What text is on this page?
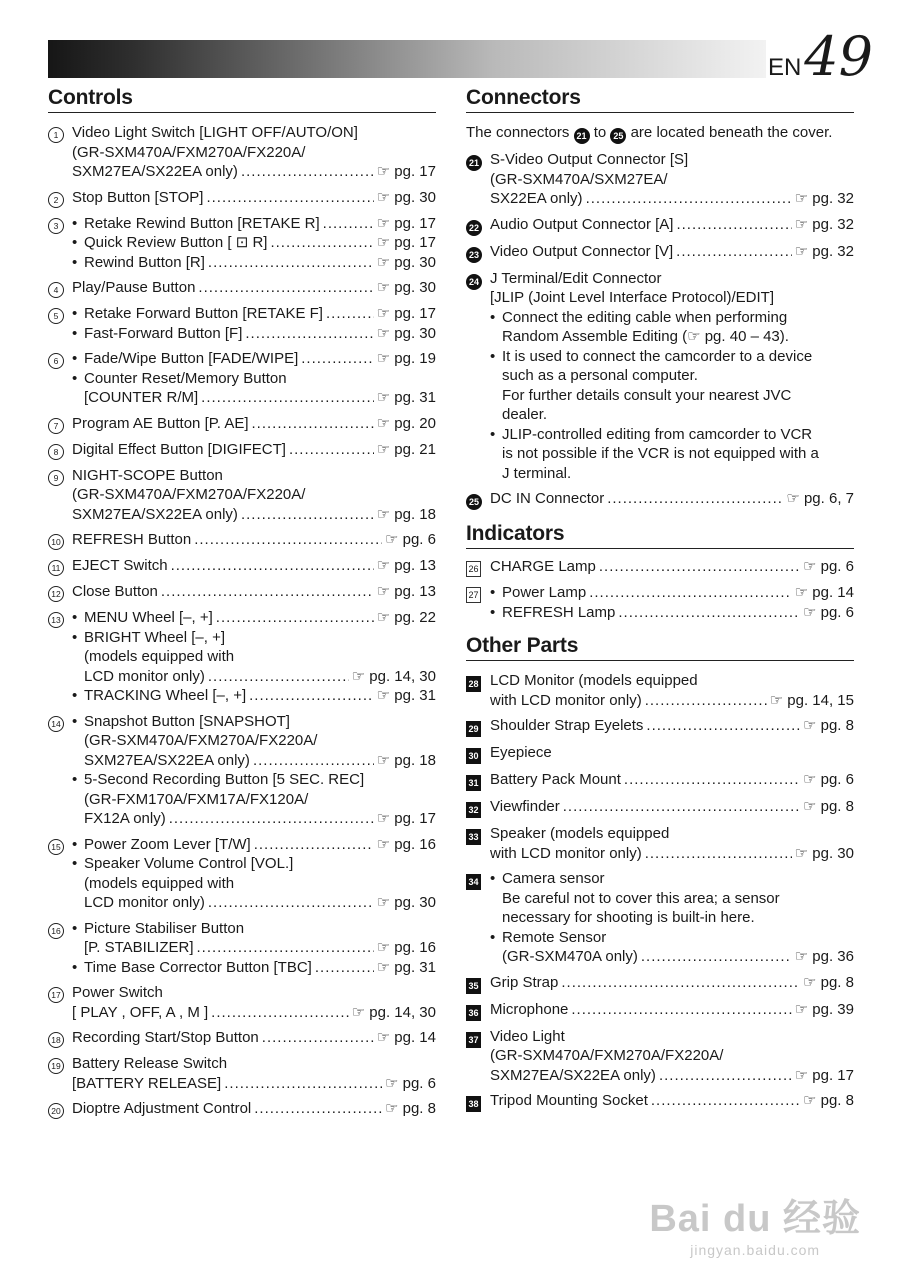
EN 49
Controls
1 Video Light Switch [LIGHT OFF/AUTO/ON]
(GR-SXM470A/FXM270A/FX220A/
SXM27EA/SX22EA only) .....	☞ pg. 17
2 Stop Button [STOP] .....	☞ pg. 30
3 • Retake Rewind Button [RETAKE R] .....	☞ pg. 17
• Quick Review Button [ ⊡ R] .....	☞ pg. 17
• Rewind Button [R] .....	☞ pg. 30
4 Play/Pause Button .....	☞ pg. 30
5 • Retake Forward Button [RETAKE F] .....	☞ pg. 17
• Fast-Forward Button [F] .....	☞ pg. 30
6 • Fade/Wipe Button [FADE/WIPE] .....	☞ pg. 19
• Counter Reset/Memory Button
[COUNTER R/M] .....	☞ pg. 31
7 Program AE Button [P. AE] .....	☞ pg. 20
8 Digital Effect Button [DIGIFECT] .....	☞ pg. 21
9 NIGHT-SCOPE Button
(GR-SXM470A/FXM270A/FX220A/
SXM27EA/SX22EA only) .....	☞ pg. 18
10 REFRESH Button .....	☞ pg. 6
11 EJECT Switch .....	☞ pg. 13
12 Close Button .....	☞ pg. 13
13 • MENU Wheel [–, +] .....	☞ pg. 22
• BRIGHT Wheel [–, +]
(models equipped with
LCD monitor only) .....	☞ pg. 14, 30
• TRACKING Wheel [–, +] .....	☞ pg. 31
14 • Snapshot Button [SNAPSHOT]
(GR-SXM470A/FXM270A/FX220A/
SXM27EA/SX22EA only) .....	☞ pg. 18
• 5-Second Recording Button [5 SEC. REC]
(GR-FXM170A/FXM17A/FX120A/
FX12A only) .....	☞ pg. 17
15 • Power Zoom Lever [T/W] .....	☞ pg. 16
• Speaker Volume Control [VOL.]
(models equipped with
LCD monitor only) .....	☞ pg. 30
16 • Picture Stabiliser Button
[P. STABILIZER] .....	☞ pg. 16
• Time Base Corrector Button [TBC] .....	☞ pg. 31
17 Power Switch
[ PLAY , OFF, A , M ] .....	☞ pg. 14, 30
18 Recording Start/Stop Button .....	☞ pg. 14
19 Battery Release Switch
[BATTERY RELEASE] .....	☞ pg. 6
20 Dioptre Adjustment Control .....	☞ pg. 8
Connectors
The connectors 21 to 25 are located beneath the cover.
21 S-Video Output Connector [S]
(GR-SXM470A/SXM27EA/
SX22EA only) .....	☞ pg. 32
22 Audio Output Connector [A] .....	☞ pg. 32
23 Video Output Connector [V] .....	☞ pg. 32
24 J Terminal/Edit Connector
[JLIP (Joint Level Interface Protocol)/EDIT]
• Connect the editing cable when performing
Random Assemble Editing (☞ pg. 40 – 43).
• It is used to connect the camcorder to a device
such as a personal computer.
For further details consult your nearest JVC
dealer.
• JLIP-controlled editing from camcorder to VCR
is not possible if the VCR is not equipped with a
J terminal.
25 DC IN Connector .....	☞ pg. 6, 7
Indicators
26 CHARGE Lamp .....	☞ pg. 6
27 • Power Lamp .....	☞ pg. 14
• REFRESH Lamp .....	☞ pg. 6
Other Parts
28 LCD Monitor (models equipped
with LCD monitor only) .....	☞ pg. 14, 15
29 Shoulder Strap Eyelets .....	☞ pg. 8
30 Eyepiece
31 Battery Pack Mount .....	☞ pg. 6
32 Viewfinder .....	☞ pg. 8
33 Speaker (models equipped
with LCD monitor only) .....	☞ pg. 30
34 • Camera sensor
Be careful not to cover this area; a sensor
necessary for shooting is built-in here.
• Remote Sensor
(GR-SXM470A only) .....	☞ pg. 36
35 Grip Strap .....	☞ pg. 8
36 Microphone .....	☞ pg. 39
37 Video Light
(GR-SXM470A/FXM270A/FX220A/
SXM27EA/SX22EA only) .....	☞ pg. 17
38 Tripod Mounting Socket .....	☞ pg. 8
Bai du 经验
jingyan.baidu.com
